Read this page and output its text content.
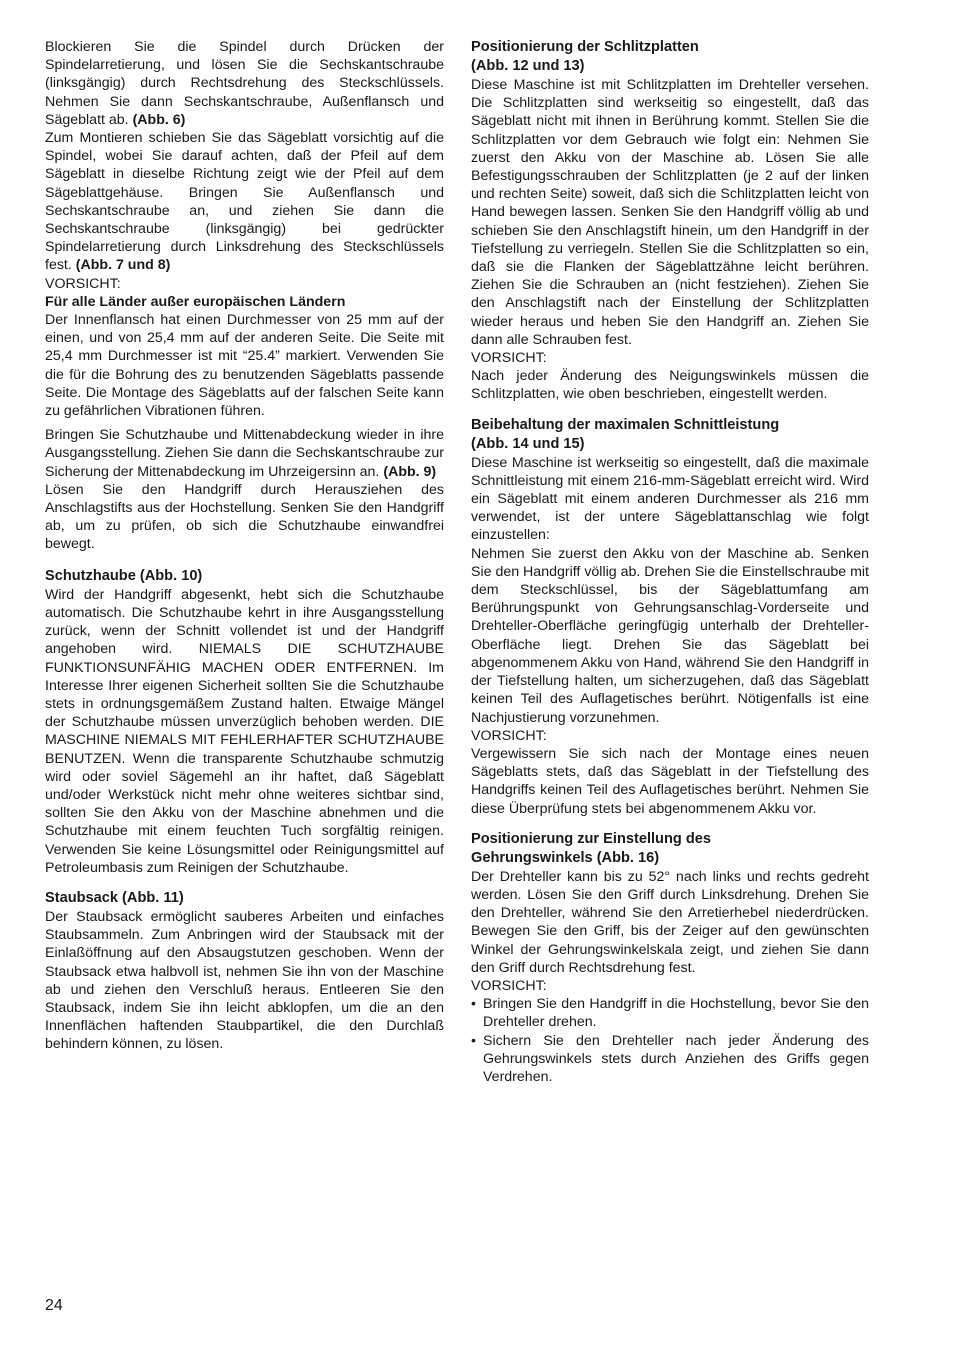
Blockieren Sie die Spindel durch Drücken der Spindelarretierung, und lösen Sie die Sechskantschraube (linksgängig) durch Rechtsdrehung des Steckschlüssels. Nehmen Sie dann Sechskantschraube, Außenflansch und Sägeblatt ab. (Abb. 6)

Zum Montieren schieben Sie das Sägeblatt vorsichtig auf die Spindel, wobei Sie darauf achten, daß der Pfeil auf dem Sägeblatt in dieselbe Richtung zeigt wie der Pfeil auf dem Sägeblattgehäuse. Bringen Sie Außenflansch und Sechskantschraube an, und ziehen Sie dann die Sechskantschraube (linksgängig) bei gedrückter Spindelarretierung durch Linksdrehung des Steckschlüssels fest. (Abb. 7 und 8)

VORSICHT:

Für alle Länder außer europäischen Ländern

Der Innenflansch hat einen Durchmesser von 25 mm auf der einen, und von 25,4 mm auf der anderen Seite. Die Seite mit 25,4 mm Durchmesser ist mit “25.4” markiert. Verwenden Sie die für die Bohrung des zu benutzenden Sägeblatts passende Seite. Die Montage des Sägeblatts auf der falschen Seite kann zu gefährlichen Vibrationen führen.

Bringen Sie Schutzhaube und Mittenabdeckung wieder in ihre Ausgangsstellung. Ziehen Sie dann die Sechskantschraube zur Sicherung der Mittenabdeckung im Uhrzeigersinn an. (Abb. 9)

Lösen Sie den Handgriff durch Herausziehen des Anschlagstifts aus der Hochstellung. Senken Sie den Handgriff ab, um zu prüfen, ob sich die Schutzhaube einwandfrei bewegt.

Schutzhaube (Abb. 10)

Wird der Handgriff abgesenkt, hebt sich die Schutzhaube automatisch. Die Schutzhaube kehrt in ihre Ausgangsstellung zurück, wenn der Schnitt vollendet ist und der Handgriff angehoben wird. NIEMALS DIE SCHUTZHAUBE FUNKTIONSUNFÄHIG MACHEN ODER ENTFERNEN. Im Interesse Ihrer eigenen Sicherheit sollten Sie die Schutzhaube stets in ordnungsgemäßem Zustand halten. Etwaige Mängel der Schutzhaube müssen unverzüglich behoben werden. DIE MASCHINE NIEMALS MIT FEHLERHAFTER SCHUTZHAUBE BENUTZEN. Wenn die transparente Schutzhaube schmutzig wird oder soviel Sägemehl an ihr haftet, daß Sägeblatt und/oder Werkstück nicht mehr ohne weiteres sichtbar sind, sollten Sie den Akku von der Maschine abnehmen und die Schutzhaube mit einem feuchten Tuch sorgfältig reinigen. Verwenden Sie keine Lösungsmittel oder Reinigungsmittel auf Petroleumbasis zum Reinigen der Schutzhaube.

Staubsack (Abb. 11)

Der Staubsack ermöglicht sauberes Arbeiten und einfaches Staubsammeln. Zum Anbringen wird der Staubsack mit der Einlaßöffnung auf den Absaugstutzen geschoben. Wenn der Staubsack etwa halbvoll ist, nehmen Sie ihn von der Maschine ab und ziehen den Verschluß heraus. Entleeren Sie den Staubsack, indem Sie ihn leicht abklopfen, um die an den Innenflächen haftenden Staubpartikel, die den Durchlaß behindern können, zu lösen.

Positionierung der Schlitzplatten
(Abb. 12 und 13)

Diese Maschine ist mit Schlitzplatten im Drehteller versehen. Die Schlitzplatten sind werkseitig so eingestellt, daß das Sägeblatt nicht mit ihnen in Berührung kommt. Stellen Sie die Schlitzplatten vor dem Gebrauch wie folgt ein: Nehmen Sie zuerst den Akku von der Maschine ab. Lösen Sie alle Befestigungsschrauben der Schlitzplatten (je 2 auf der linken und rechten Seite) soweit, daß sich die Schlitzplatten leicht von Hand bewegen lassen. Senken Sie den Handgriff völlig ab und schieben Sie den Anschlagstift hinein, um den Handgriff in der Tiefstellung zu verriegeln. Stellen Sie die Schlitzplatten so ein, daß sie die Flanken der Sägeblattzähne leicht berühren. Ziehen Sie die Schrauben an (nicht festziehen). Ziehen Sie den Anschlagstift nach der Einstellung der Schlitzplatten wieder heraus und heben Sie den Handgriff an. Ziehen Sie dann alle Schrauben fest.

VORSICHT:

Nach jeder Änderung des Neigungswinkels müssen die Schlitzplatten, wie oben beschrieben, eingestellt werden.

Beibehaltung der maximalen Schnittleistung
(Abb. 14 und 15)

Diese Maschine ist werkseitig so eingestellt, daß die maximale Schnittleistung mit einem 216-mm-Sägeblatt erreicht wird. Wird ein Sägeblatt mit einem anderen Durchmesser als 216 mm verwendet, ist der untere Sägeblattanschlag wie folgt einzustellen:

Nehmen Sie zuerst den Akku von der Maschine ab. Senken Sie den Handgriff völlig ab. Drehen Sie die Einstellschraube mit dem Steckschlüssel, bis der Sägeblattumfang am Berührungspunkt von Gehrungsanschlag-Vorderseite und Drehteller-Oberfläche geringfügig unterhalb der Drehteller-Oberfläche liegt. Drehen Sie das Sägeblatt bei abgenommenem Akku von Hand, während Sie den Handgriff in der Tiefstellung halten, um sicherzugehen, daß das Sägeblatt keinen Teil des Auflagetisches berührt. Nötigenfalls ist eine Nachjustierung vorzunehmen.

VORSICHT:

Vergewissern Sie sich nach der Montage eines neuen Sägeblatts stets, daß das Sägeblatt in der Tiefstellung des Handgriffs keinen Teil des Auflagetisches berührt. Nehmen Sie diese Überprüfung stets bei abgenommenem Akku vor.

Positionierung zur Einstellung des
Gehrungswinkels (Abb. 16)

Der Drehteller kann bis zu 52° nach links und rechts gedreht werden. Lösen Sie den Griff durch Linksdrehung. Drehen Sie den Drehteller, während Sie den Arretierhebel niederdrücken. Bewegen Sie den Griff, bis der Zeiger auf den gewünschten Winkel der Gehrungswinkelskala zeigt, und ziehen Sie dann den Griff durch Rechtsdrehung fest.

VORSICHT:

• Bringen Sie den Handgriff in die Hochstellung, bevor Sie den Drehteller drehen.
• Sichern Sie den Drehteller nach jeder Änderung des Gehrungswinkels stets durch Anziehen des Griffs gegen Verdrehen.
24
